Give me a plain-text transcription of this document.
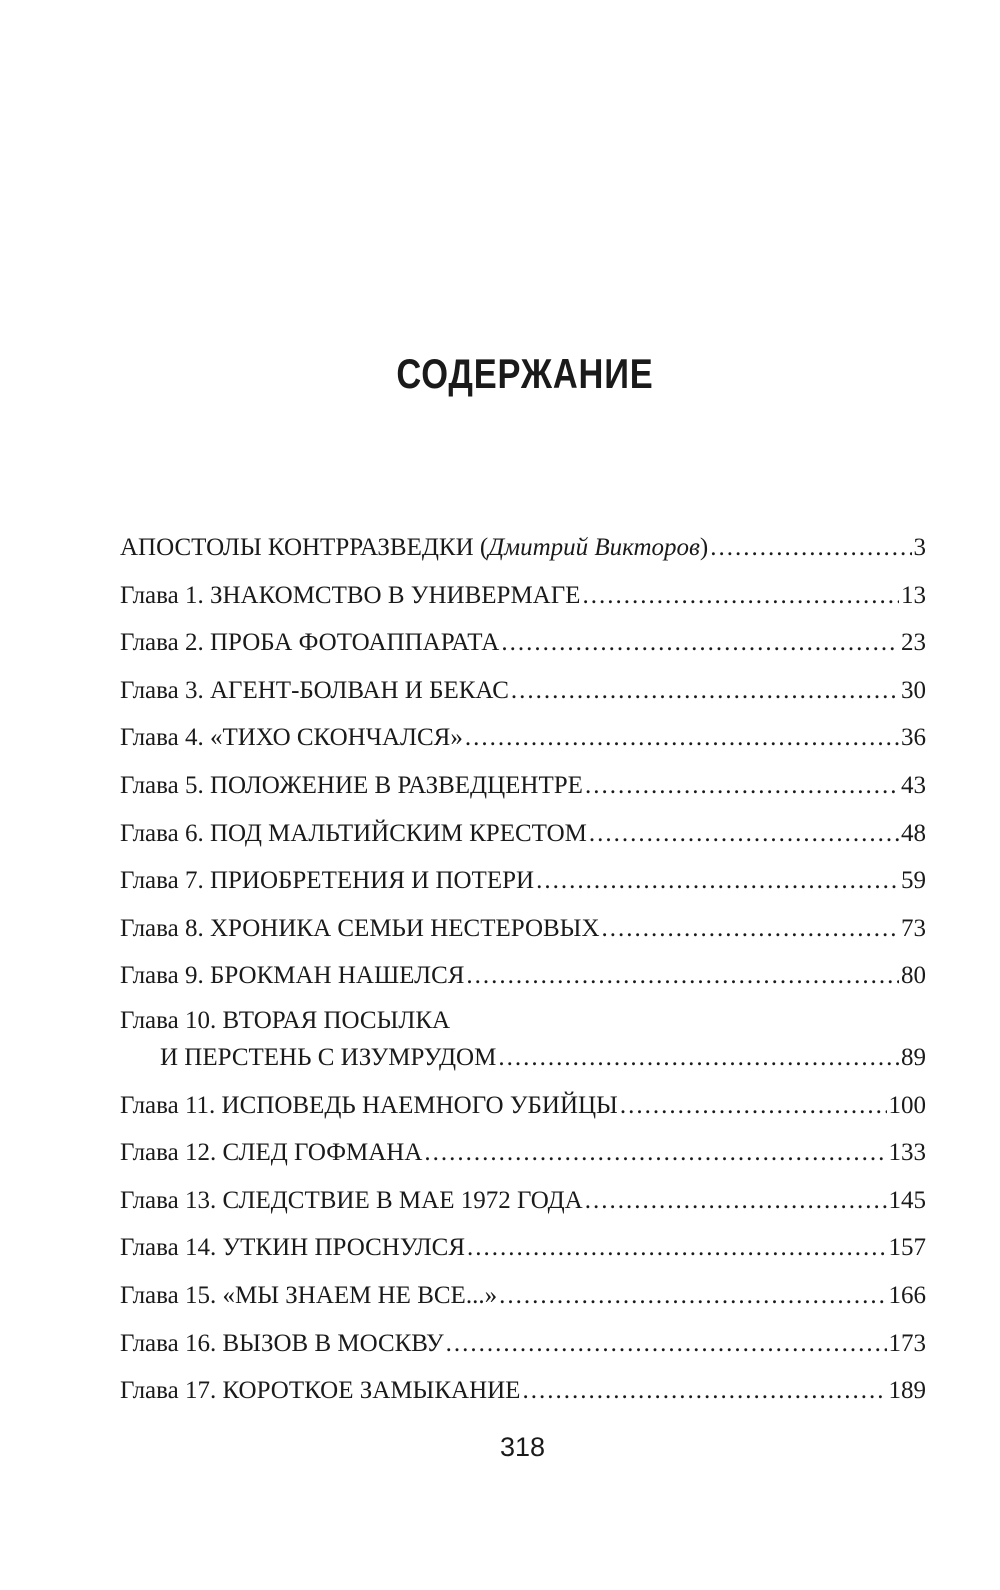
СОДЕРЖАНИЕ
АПОСТОЛЫ КОНТРРАЗВЕДКИ (Дмитрий Викторов) .....	3
Глава 1. ЗНАКОМСТВО В УНИВЕРМАГЕ .....	13
Глава 2. ПРОБА ФОТОАППАРАТА .....	23
Глава 3. АГЕНТ-БОЛВАН И БЕКАС .....	30
Глава 4. «ТИХО СКОНЧАЛСЯ» .....	36
Глава 5. ПОЛОЖЕНИЕ В РАЗВЕДЦЕНТРЕ .....	43
Глава 6. ПОД МАЛЬТИЙСКИМ КРЕСТОМ .....	48
Глава 7. ПРИОБРЕТЕНИЯ И ПОТЕРИ .....	59
Глава 8. ХРОНИКА СЕМЬИ НЕСТЕРОВЫХ .....	73
Глава 9. БРОКМАН НАШЕЛСЯ .....	80
Глава 10. ВТОРАЯ ПОСЫЛКА
И ПЕРСТЕНЬ С ИЗУМРУДОМ .....	89
Глава 11. ИСПОВЕДЬ НАЕМНОГО УБИЙЦЫ .....	100
Глава 12. СЛЕД ГОФМАНА .....	133
Глава 13. СЛЕДСТВИЕ В МАЕ 1972 ГОДА .....	145
Глава 14. УТКИН ПРОСНУЛСЯ .....	157
Глава 15. «МЫ ЗНАЕМ НЕ ВСЕ...» .....	166
Глава 16. ВЫЗОВ В МОСКВУ .....	173
Глава 17. КОРОТКОЕ ЗАМЫКАНИЕ .....	189
318
